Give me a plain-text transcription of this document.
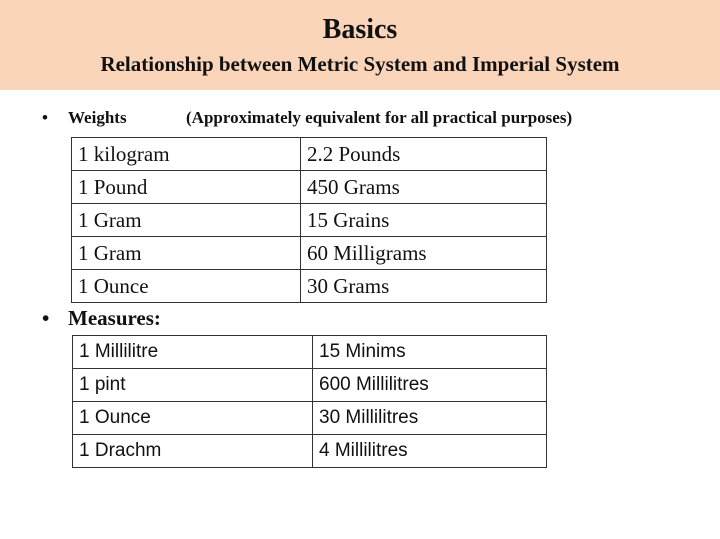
Basics
Relationship between Metric System and Imperial System
• Weights	(Approximately equivalent for all practical purposes)
1 kilogram	2.2 Pounds
1 Pound	450 Grams
1 Gram	15 Grains
1 Gram	60 Milligrams
1 Ounce	30 Grams
• Measures:
1 Millilitre	15 Minims
1 pint	600 Millilitres
1 Ounce	30 Millilitres
1 Drachm	4 Millilitres
